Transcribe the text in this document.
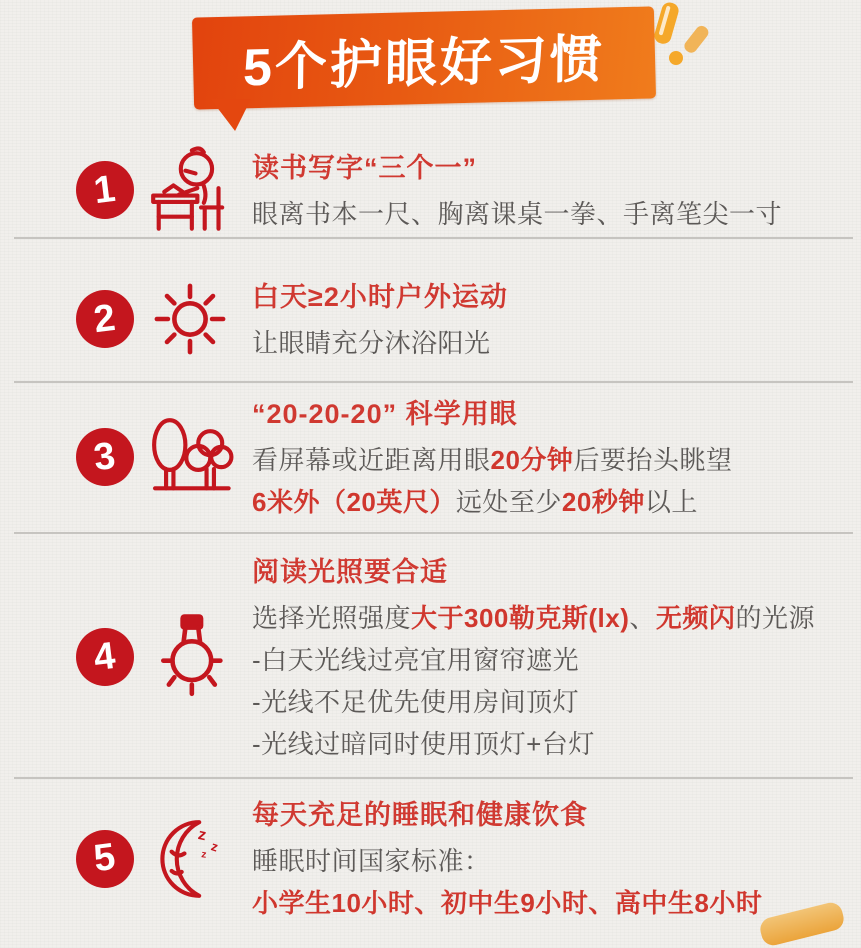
5个护眼好习惯
1	读书写字“三个一”
眼离书本一尺、胸离课桌一拳、手离笔尖一寸
2	白天≥2小时户外运动
让眼睛充分沐浴阳光
3
“20-20-20” 科学用眼
看屏幕或近距离用眼20分钟后要抬头眺望
6米外（20英尺）远处至少20秒钟以上
4
阅读光照要合适
选择光照强度大于300勒克斯(lx)、无频闪的光源
-白天光线过亮宜用窗帘遮光
-光线不足优先使用房间顶灯
-光线过暗同时使用顶灯+台灯
5
z
z
z
每天充足的睡眠和健康饮食
睡眠时间国家标准：
小学生10小时、初中生9小时、高中生8小时
